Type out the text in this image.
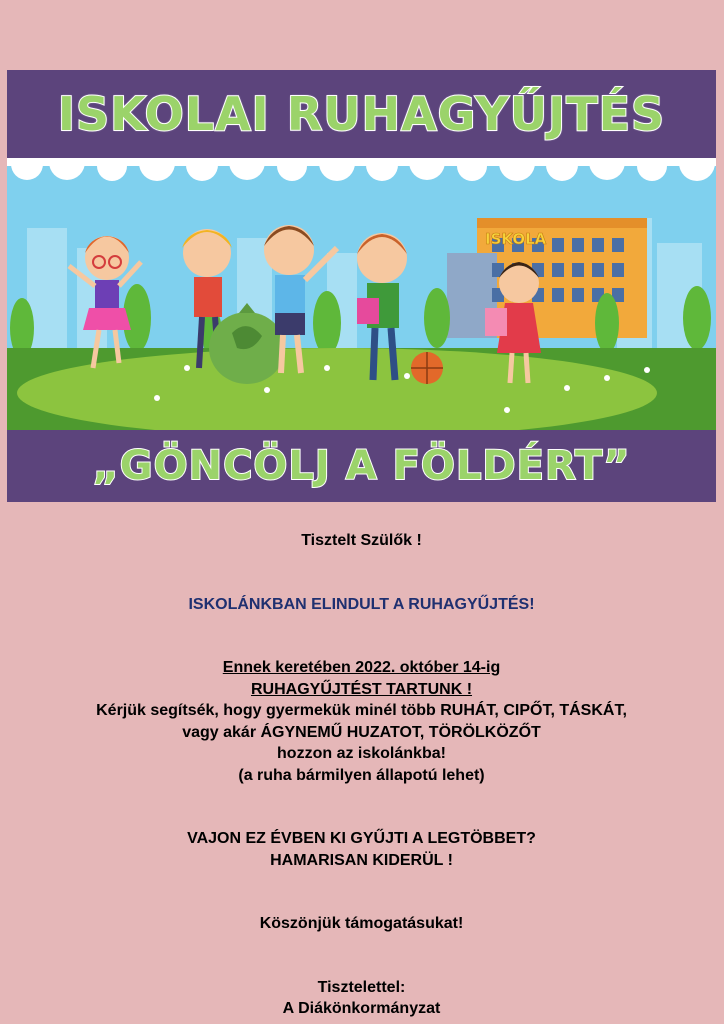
ISKOLAI RUHAGYŰJTÉS
ISKOLA
„GÖNCÖLJ A FÖLDÉRT”

Tisztelt Szülők !

ISKOLÁNKBAN ELINDULT A RUHAGYŰJTÉS!

Ennek keretében 2022. október 14-ig

RUHAGYŰJTÉST TARTUNK !

Kérjük segítsék, hogy gyermekük minél több RUHÁT, CIPŐT, TÁSKÁT,

vagy akár ÁGYNEMŰ HUZATOT, TÖRÖLKÖZŐT

hozzon az iskolánkba!

(a ruha bármilyen állapotú lehet)

VAJON EZ ÉVBEN KI GYŰJTI A LEGTÖBBET?

HAMARISAN KIDERÜL !

Köszönjük támogatásukat!

Tisztelettel:

A Diákönkormányzat
